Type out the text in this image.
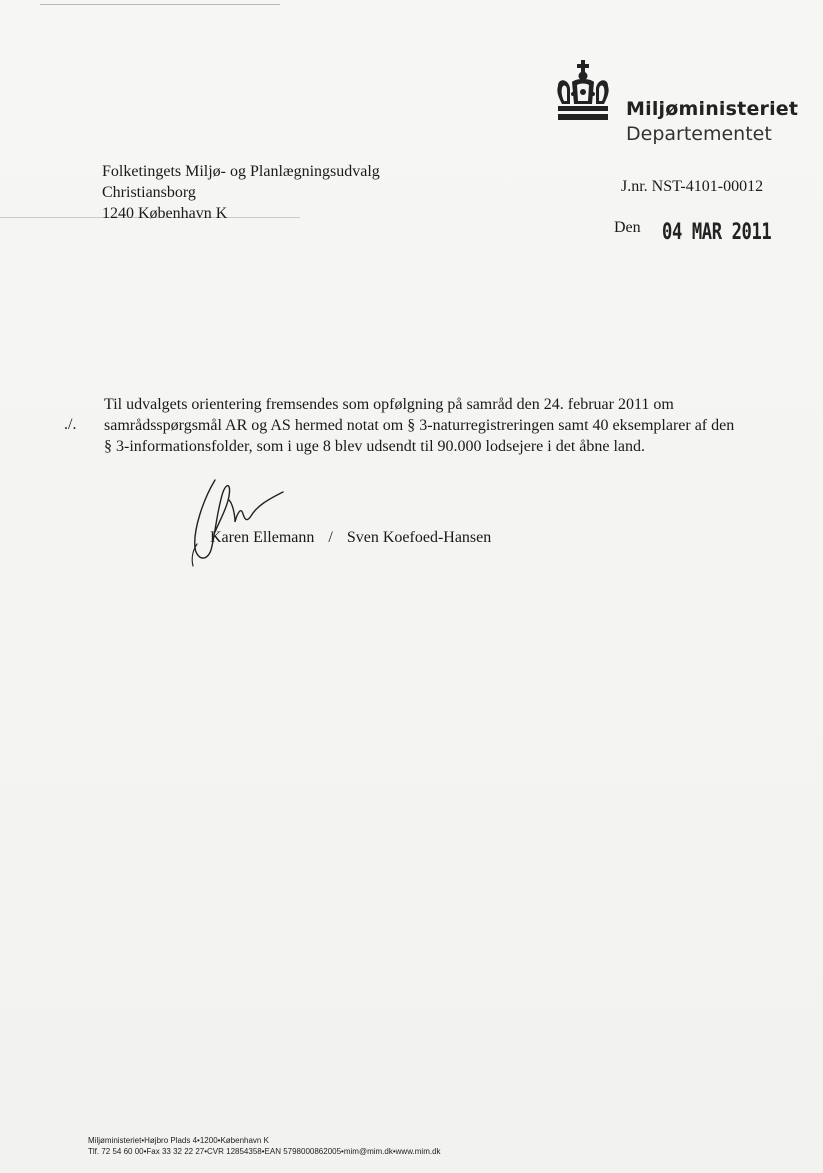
Miljøministeriet
Departementet
Folketingets Miljø- og Planlægningsudvalg
Christiansborg
1240 København K
J.nr. NST-4101-00012
Den 04 MAR 2011
./.
Til udvalgets orientering fremsendes som opfølgning på samråd den 24. februar 2011 om
samrådsspørgsmål AR og AS hermed notat om § 3-naturregistreringen samt 40 eksemplarer af den
§ 3-informationsfolder, som i uge 8 blev udsendt til 90.000 lodsejere i det åbne land.
Karen Ellemann / Sven Koefoed-Hansen
Miljøministeriet•Højbro Plads 4•1200•København K
Tlf. 72 54 60 00•Fax 33 32 22 27•CVR 12854358•EAN 5798000862005•mim@mim.dk•www.mim.dk
